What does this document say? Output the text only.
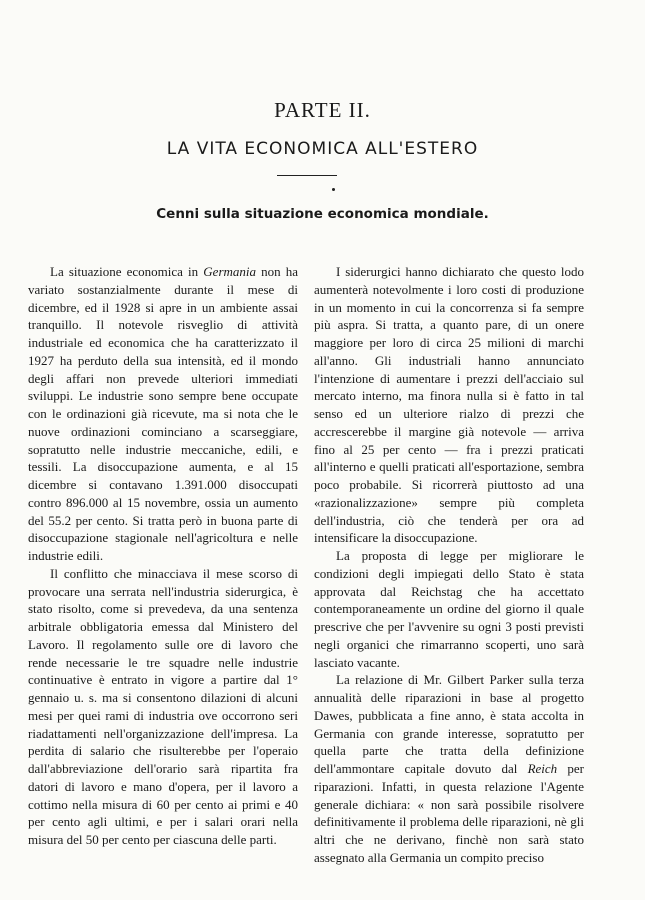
PARTE II.
LA VITA ECONOMICA ALL'ESTERO
Cenni sulla situazione economica mondiale.

La situazione economica in Germania non ha variato sostanzialmente durante il mese di dicembre, ed il 1928 si apre in un ambiente assai tranquillo. Il notevole risveglio di attività industriale ed economica che ha caratterizzato il 1927 ha perduto della sua intensità, ed il mondo degli affari non prevede ulteriori immediati sviluppi. Le industrie sono sempre bene occupate con le ordinazioni già ricevute, ma si nota che le nuove ordinazioni cominciano a scarseggiare, sopratutto nelle industrie meccaniche, edili, e tessili. La disoccupazione aumenta, e al 15 dicembre si contavano 1.391.000 disoccupati contro 896.000 al 15 novembre, ossia un aumento del 55.2 per cento. Si tratta però in buona parte di disoccupazione stagionale nell'agricoltura e nelle industrie edili.

Il conflitto che minacciava il mese scorso di provocare una serrata nell'industria siderurgica, è stato risolto, come si prevedeva, da una sentenza arbitrale obbligatoria emessa dal Ministero del Lavoro. Il regolamento sulle ore di lavoro che rende necessarie le tre squadre nelle industrie continuative è entrato in vigore a partire dal 1° gennaio u. s. ma si consentono dilazioni di alcuni mesi per quei rami di industria ove occorrono seri riadattamenti nell'organizzazione dell'impresa. La perdita di salario che risulterebbe per l'operaio dall'abbreviazione dell'orario sarà ripartita fra datori di lavoro e mano d'opera, per il lavoro a cottimo nella misura di 60 per cento ai primi e 40 per cento agli ultimi, e per i salari orari nella misura del 50 per cento per ciascuna delle parti.

I siderurgici hanno dichiarato che questo lodo aumenterà notevolmente i loro costi di produzione in un momento in cui la concorrenza si fa sempre più aspra. Si tratta, a quanto pare, di un onere maggiore per loro di circa 25 milioni di marchi all'anno. Gli industriali hanno annunciato l'intenzione di aumentare i prezzi dell'acciaio sul mercato interno, ma finora nulla si è fatto in tal senso ed un ulteriore rialzo di prezzi che accrescerebbe il margine già notevole — arriva fino al 25 per cento — fra i prezzi praticati all'interno e quelli praticati all'esportazione, sembra poco probabile. Si ricorrerà piuttosto ad una «razionalizzazione» sempre più completa dell'industria, ciò che tenderà per ora ad intensificare la disoccupazione.

La proposta di legge per migliorare le condizioni degli impiegati dello Stato è stata approvata dal Reichstag che ha accettato contemporaneamente un ordine del giorno il quale prescrive che per l'avvenire su ogni 3 posti previsti negli organici che rimarranno scoperti, uno sarà lasciato vacante.

La relazione di Mr. Gilbert Parker sulla terza annualità delle riparazioni in base al progetto Dawes, pubblicata a fine anno, è stata accolta in Germania con grande interesse, sopratutto per quella parte che tratta della definizione dell'ammontare capitale dovuto dal Reich per riparazioni. Infatti, in questa relazione l'Agente generale dichiara: « non sarà possibile risolvere definitivamente il problema delle riparazioni, nè gli altri che ne derivano, finchè non sarà stato assegnato alla Germania un compito preciso
